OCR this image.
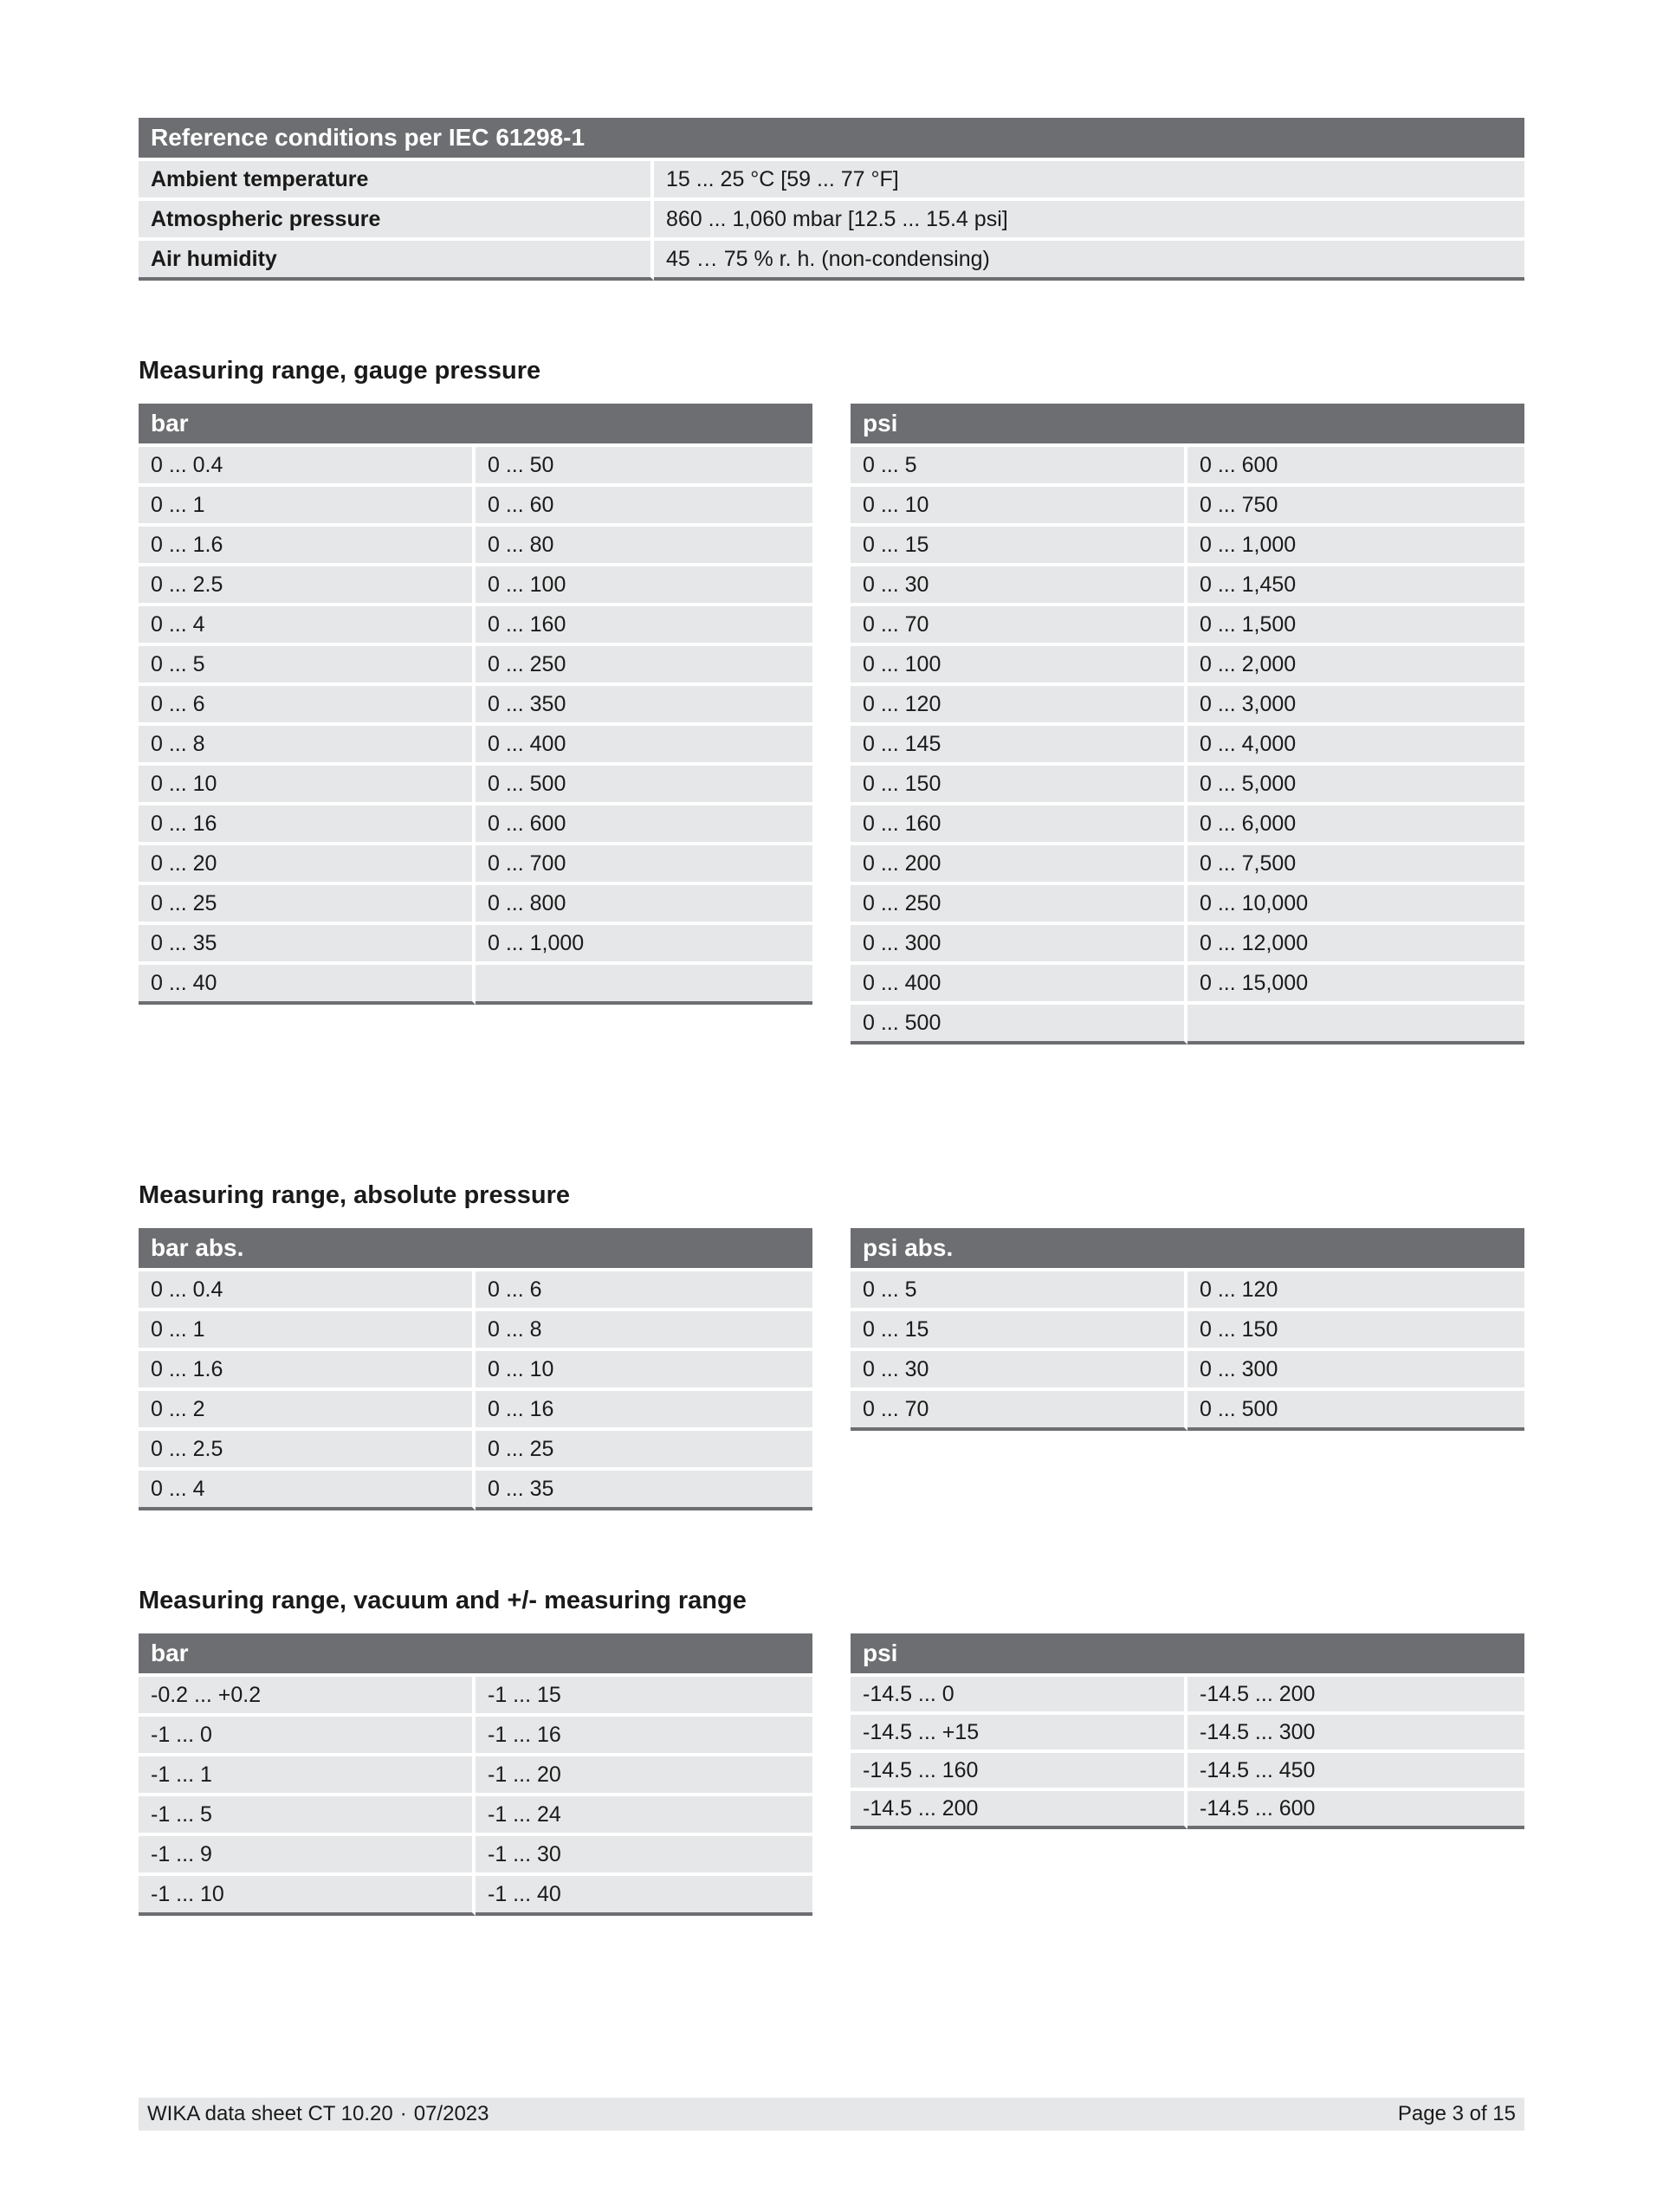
Reference conditions per IEC 61298-1	
Ambient temperature	15 ... 25 °C [59 ... 77 °F]
Atmospheric pressure	860 ... 1,060 mbar [12.5 ... 15.4 psi]
Air humidity	45 … 75 % r. h. (non-condensing)
Measuring range, gauge pressure
bar	
0 ... 0.4	0 ... 50
0 ... 1	0 ... 60
0 ... 1.6	0 ... 80
0 ... 2.5	0 ... 100
0 ... 4	0 ... 160
0 ... 5	0 ... 250
0 ... 6	0 ... 350
0 ... 8	0 ... 400
0 ... 10	0 ... 500
0 ... 16	0 ... 600
0 ... 20	0 ... 700
0 ... 25	0 ... 800
0 ... 35	0 ... 1,000
0 ... 40	
psi	
0 ... 5	0 ... 600
0 ... 10	0 ... 750
0 ... 15	0 ... 1,000
0 ... 30	0 ... 1,450
0 ... 70	0 ... 1,500
0 ... 100	0 ... 2,000
0 ... 120	0 ... 3,000
0 ... 145	0 ... 4,000
0 ... 150	0 ... 5,000
0 ... 160	0 ... 6,000
0 ... 200	0 ... 7,500
0 ... 250	0 ... 10,000
0 ... 300	0 ... 12,000
0 ... 400	0 ... 15,000
0 ... 500	
Measuring range, absolute pressure
bar abs.	
0 ... 0.4	0 ... 6
0 ... 1	0 ... 8
0 ... 1.6	0 ... 10
0 ... 2	0 ... 16
0 ... 2.5	0 ... 25
0 ... 4	0 ... 35
psi abs.	
0 ... 5	0 ... 120
0 ... 15	0 ... 150
0 ... 30	0 ... 300
0 ... 70	0 ... 500
Measuring range, vacuum and +/- measuring range
bar	
-0.2 ... +0.2	-1 ... 15
-1 ... 0	-1 ... 16
-1 ... 1	-1 ... 20
-1 ... 5	-1 ... 24
-1 ... 9	-1 ... 30
-1 ... 10	-1 ... 40
psi	
-14.5 ... 0	-14.5 ... 200
-14.5 ... +15	-14.5 ... 300
-14.5 ... 160	-14.5 ... 450
-14.5 ... 200	-14.5 ... 600
WIKA data sheet CT 10.20 · 07/2023	Page 3 of 15
